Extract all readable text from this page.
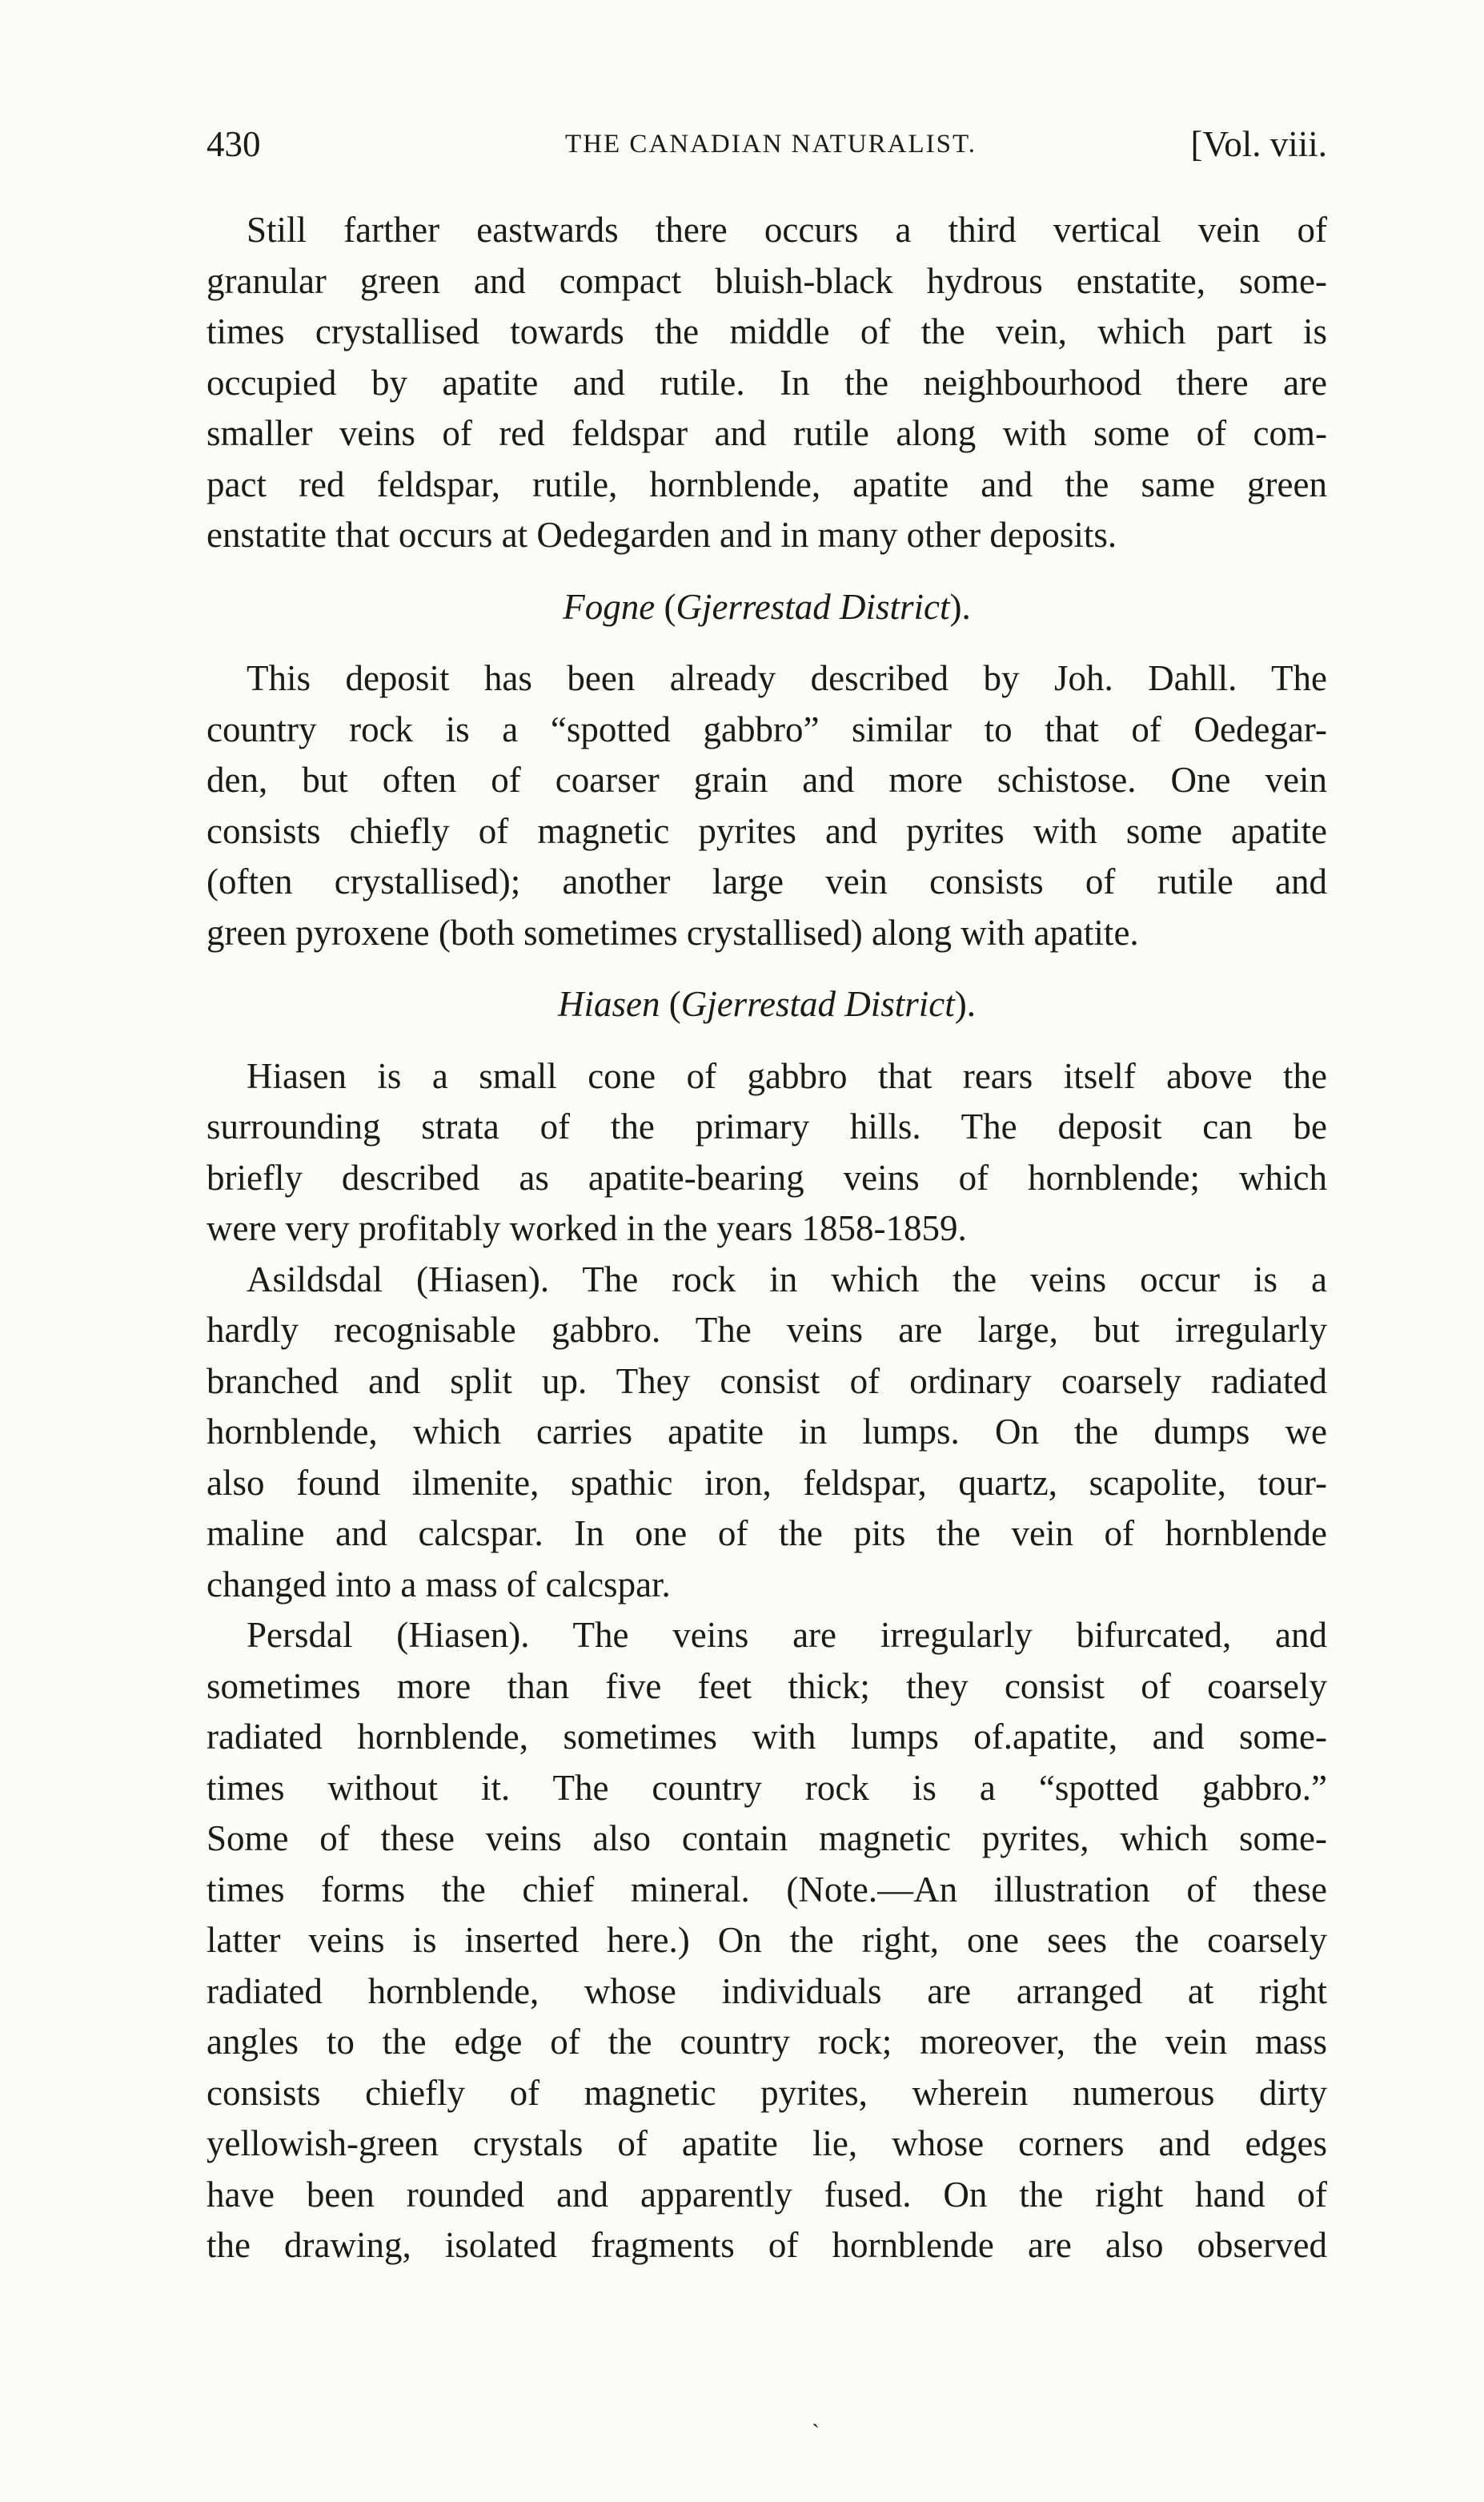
430	THE CANADIAN NATURALIST.	[Vol. viii.

Still farther eastwards there occurs a third vertical vein of

granular green and compact bluish-black hydrous enstatite, some-

times crystallised towards the middle of the vein, which part is

occupied by apatite and rutile. In the neighbourhood there are

smaller veins of red feldspar and rutile along with some of com-

pact red feldspar, rutile, hornblende, apatite and the same green

enstatite that occurs at Oedegarden and in many other deposits.

Fogne (Gjerrestad District).

This deposit has been already described by Joh. Dahll. The

country rock is a “spotted gabbro” similar to that of Oedegar-

den, but often of coarser grain and more schistose. One vein

consists chiefly of magnetic pyrites and pyrites with some apatite

(often crystallised); another large vein consists of rutile and

green pyroxene (both sometimes crystallised) along with apatite.

Hiasen (Gjerrestad District).

Hiasen is a small cone of gabbro that rears itself above the

surrounding strata of the primary hills. The deposit can be

briefly described as apatite-bearing veins of hornblende; which

were very profitably worked in the years 1858-1859.

Asildsdal (Hiasen). The rock in which the veins occur is a

hardly recognisable gabbro. The veins are large, but irregularly

branched and split up. They consist of ordinary coarsely radiated

hornblende, which carries apatite in lumps. On the dumps we

also found ilmenite, spathic iron, feldspar, quartz, scapolite, tour-

maline and calcspar. In one of the pits the vein of hornblende

changed into a mass of calcspar.

Persdal (Hiasen). The veins are irregularly bifurcated, and

sometimes more than five feet thick; they consist of coarsely

radiated hornblende, sometimes with lumps of.apatite, and some-

times without it. The country rock is a “spotted gabbro.”

Some of these veins also contain magnetic pyrites, which some-

times forms the chief mineral. (Note.—An illustration of these

latter veins is inserted here.) On the right, one sees the coarsely

radiated hornblende, whose individuals are arranged at right

angles to the edge of the country rock; moreover, the vein mass

consists chiefly of magnetic pyrites, wherein numerous dirty

yellowish-green crystals of apatite lie, whose corners and edges

have been rounded and apparently fused. On the right hand of

the drawing, isolated fragments of hornblende are also observed

ˋ
